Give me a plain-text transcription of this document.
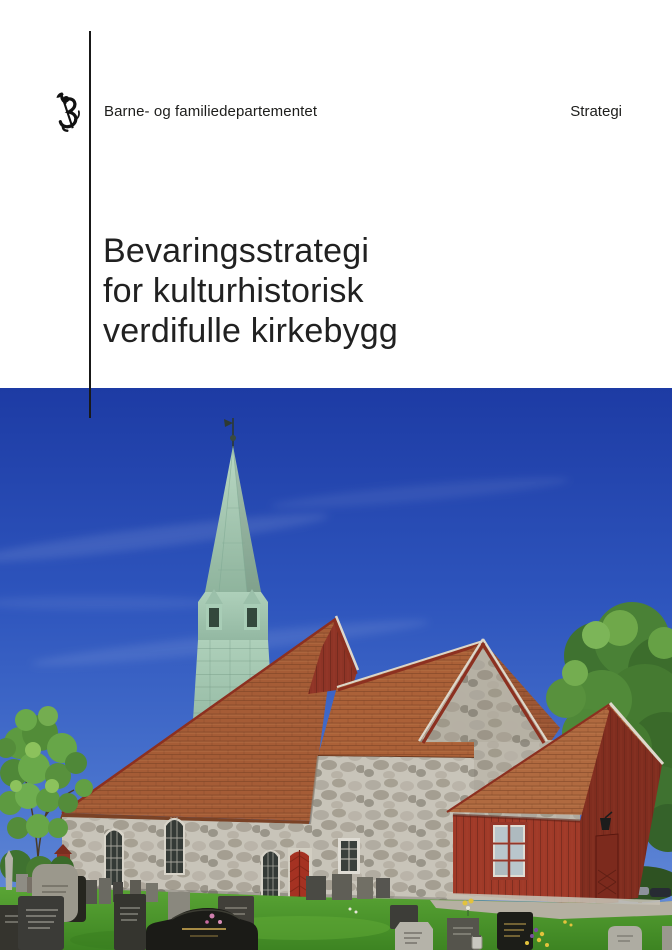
Barne- og familiedepartementet	Strategi
Bevaringsstrategi
for kulturhistorisk
verdifulle kirkebygg
